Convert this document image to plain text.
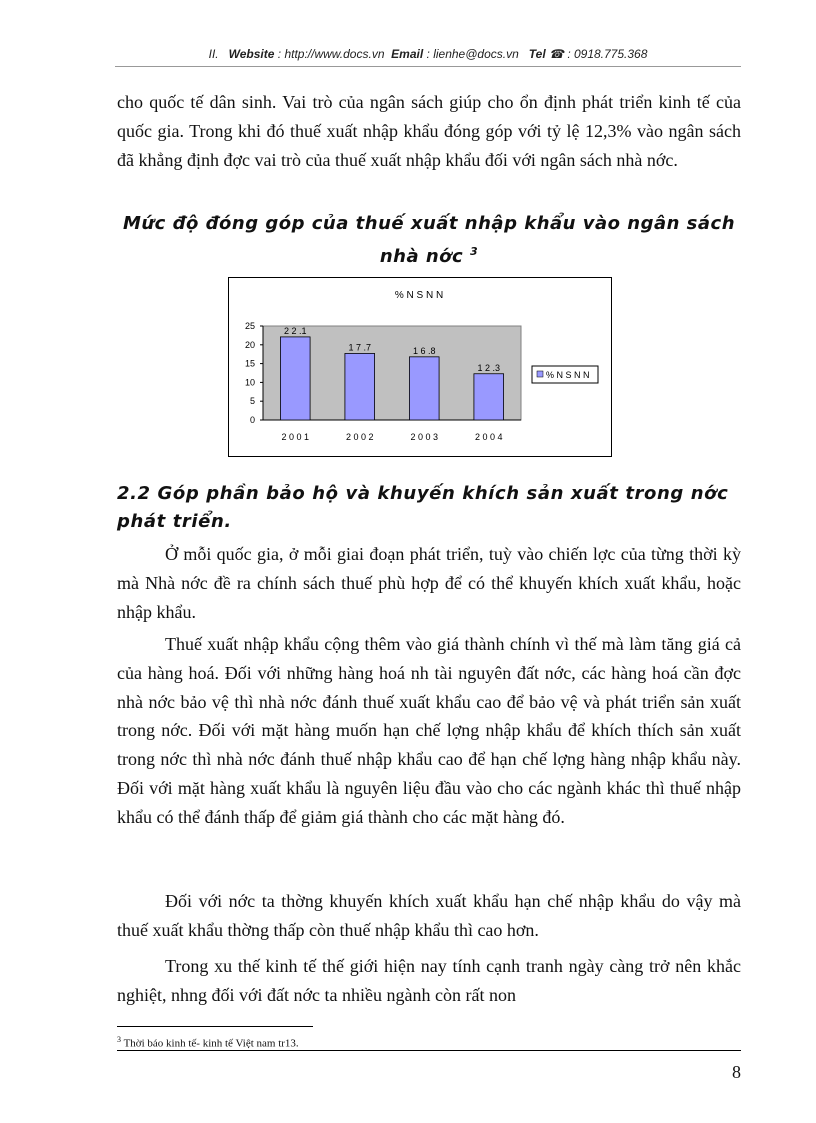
II. Website : http://www.docs.vn Email : lienhe@docs.vn Tel ☎ : 0918.775.368

cho quốc tế dân sinh. Vai trò của ngân sách giúp cho ổn định phát triển kinh tế của quốc gia. Trong khi đó thuế xuất nhập khẩu đóng góp với tỷ lệ 12,3% vào ngân sách đã khẳng định đợc vai trò của thuế xuất nhập khẩu đối với ngân sách nhà nớc.

Mức độ đóng góp của thuế xuất nhập khẩu vào ngân sách nhà nớc $^3$
% N S N N
0
5
10
15
20
25	2 2 .1
2 0 0 1
1 7 .7
2 0 0 2
1 6 .8
2 0 0 3
1 2 .3
2 0 0 4
% N S N N
2.2 Góp phần bảo hộ và khuyến khích sản xuất trong nớc phát triển.

Ở mỗi quốc gia, ở mỗi giai đoạn phát triển, tuỳ vào chiến lợc của từng thời kỳ mà Nhà nớc đề ra chính sách thuế phù hợp để có thể khuyến khích xuất khẩu, hoặc nhập khẩu.

Thuế xuất nhập khẩu cộng thêm vào giá thành chính vì thế mà làm tăng giá cả của hàng hoá. Đối với những hàng hoá nh tài nguyên đất nớc, các hàng hoá cần đợc nhà nớc bảo vệ thì nhà nớc đánh thuế xuất khẩu cao để bảo vệ và phát triển sản xuất trong nớc. Đối với mặt hàng muốn hạn chế lợng nhập khẩu để khích thích sản xuất trong nớc thì nhà nớc đánh thuế nhập khẩu cao để hạn chế lợng hàng nhập khẩu này. Đối với mặt hàng xuất khẩu là nguyên liệu đầu vào cho các ngành khác thì thuế nhập khẩu có thể đánh thấp để giảm giá thành cho các mặt hàng đó.

Đối với nớc ta thờng khuyến khích xuất khẩu hạn chế nhập khẩu do vậy mà thuế xuất khẩu thờng thấp còn thuế nhập khẩu thì cao hơn.

Trong xu thế kinh tế thế giới hiện nay tính cạnh tranh ngày càng trở nên khắc nghiệt, nhng đối với đất nớc ta nhiều ngành còn rất non

$^3$ Thời báo kinh tế- kinh tế Việt nam tr13.
8
